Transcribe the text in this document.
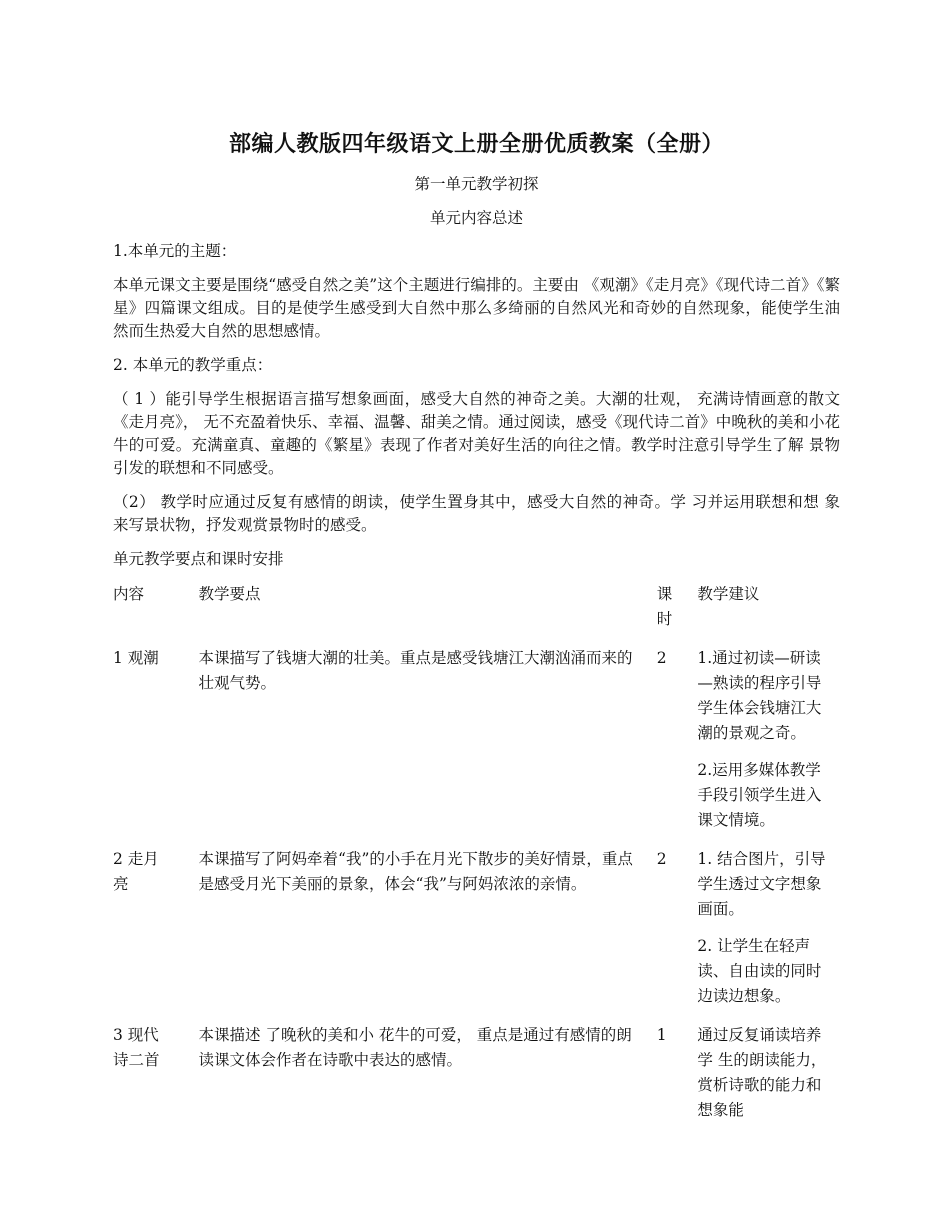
部编人教版四年级语文上册全册优质教案（全册）
第一单元教学初探
单元内容总述
1.本单元的主题：
本单元课文主要是围绕“感受自然之美”这个主题进行编排的。主要由 《观潮》《走月亮》《现代诗二首》《繁星》四篇课文组成。目的是使学生感受到大自然中那么多绮丽的自然风光和奇妙的自然现象，能使学生油然而生热爱大自然的思想感情。
2. 本单元的教学重点：
（ 1 ）能引导学生根据语言描写想象画面，感受大自然的神奇之美。大潮的壮观， 充满诗情画意的散文《走月亮》， 无不充盈着快乐、幸福、温馨、甜美之情。通过阅读，感受《现代诗二首》中晚秋的美和小花牛的可爱。充满童真、童趣的《繁星》表现了作者对美好生活的向往之情。教学时注意引导学生了解 景物引发的联想和不同感受。
（2） 教学时应通过反复有感情的朗读，使学生置身其中，感受大自然的神奇。学 习并运用联想和想 象 来写景状物，抒发观赏景物时的感受。
单元教学要点和课时安排
内容	教学要点	课时	教学建议
1 观潮	本课描写了钱塘大潮的壮美。重点是感受钱塘江大潮汹涌而来的壮观气势。	2	1.通过初读—研读—熟读的程序引导学生体会钱塘江大潮的景观之奇。
2.运用多媒体教学手段引领学生进入课文情境。

2 走月亮	本课描写了阿妈牵着“我”的小手在月光下散步的美好情景，重点是感受月光下美丽的景象，体会“我”与阿妈浓浓的亲情。	2	1. 结合图片，引导学生透过文字想象画面。
2. 让学生在轻声读、自由读的同时边读边想象。

3 现代诗二首	本课描述 了晚秋的美和小 花牛的可爱， 重点是通过有感情的朗读课文体会作者在诗歌中表达的感情。	1	通过反复诵读培养学 生的朗读能力，赏析诗歌的能力和想象能
